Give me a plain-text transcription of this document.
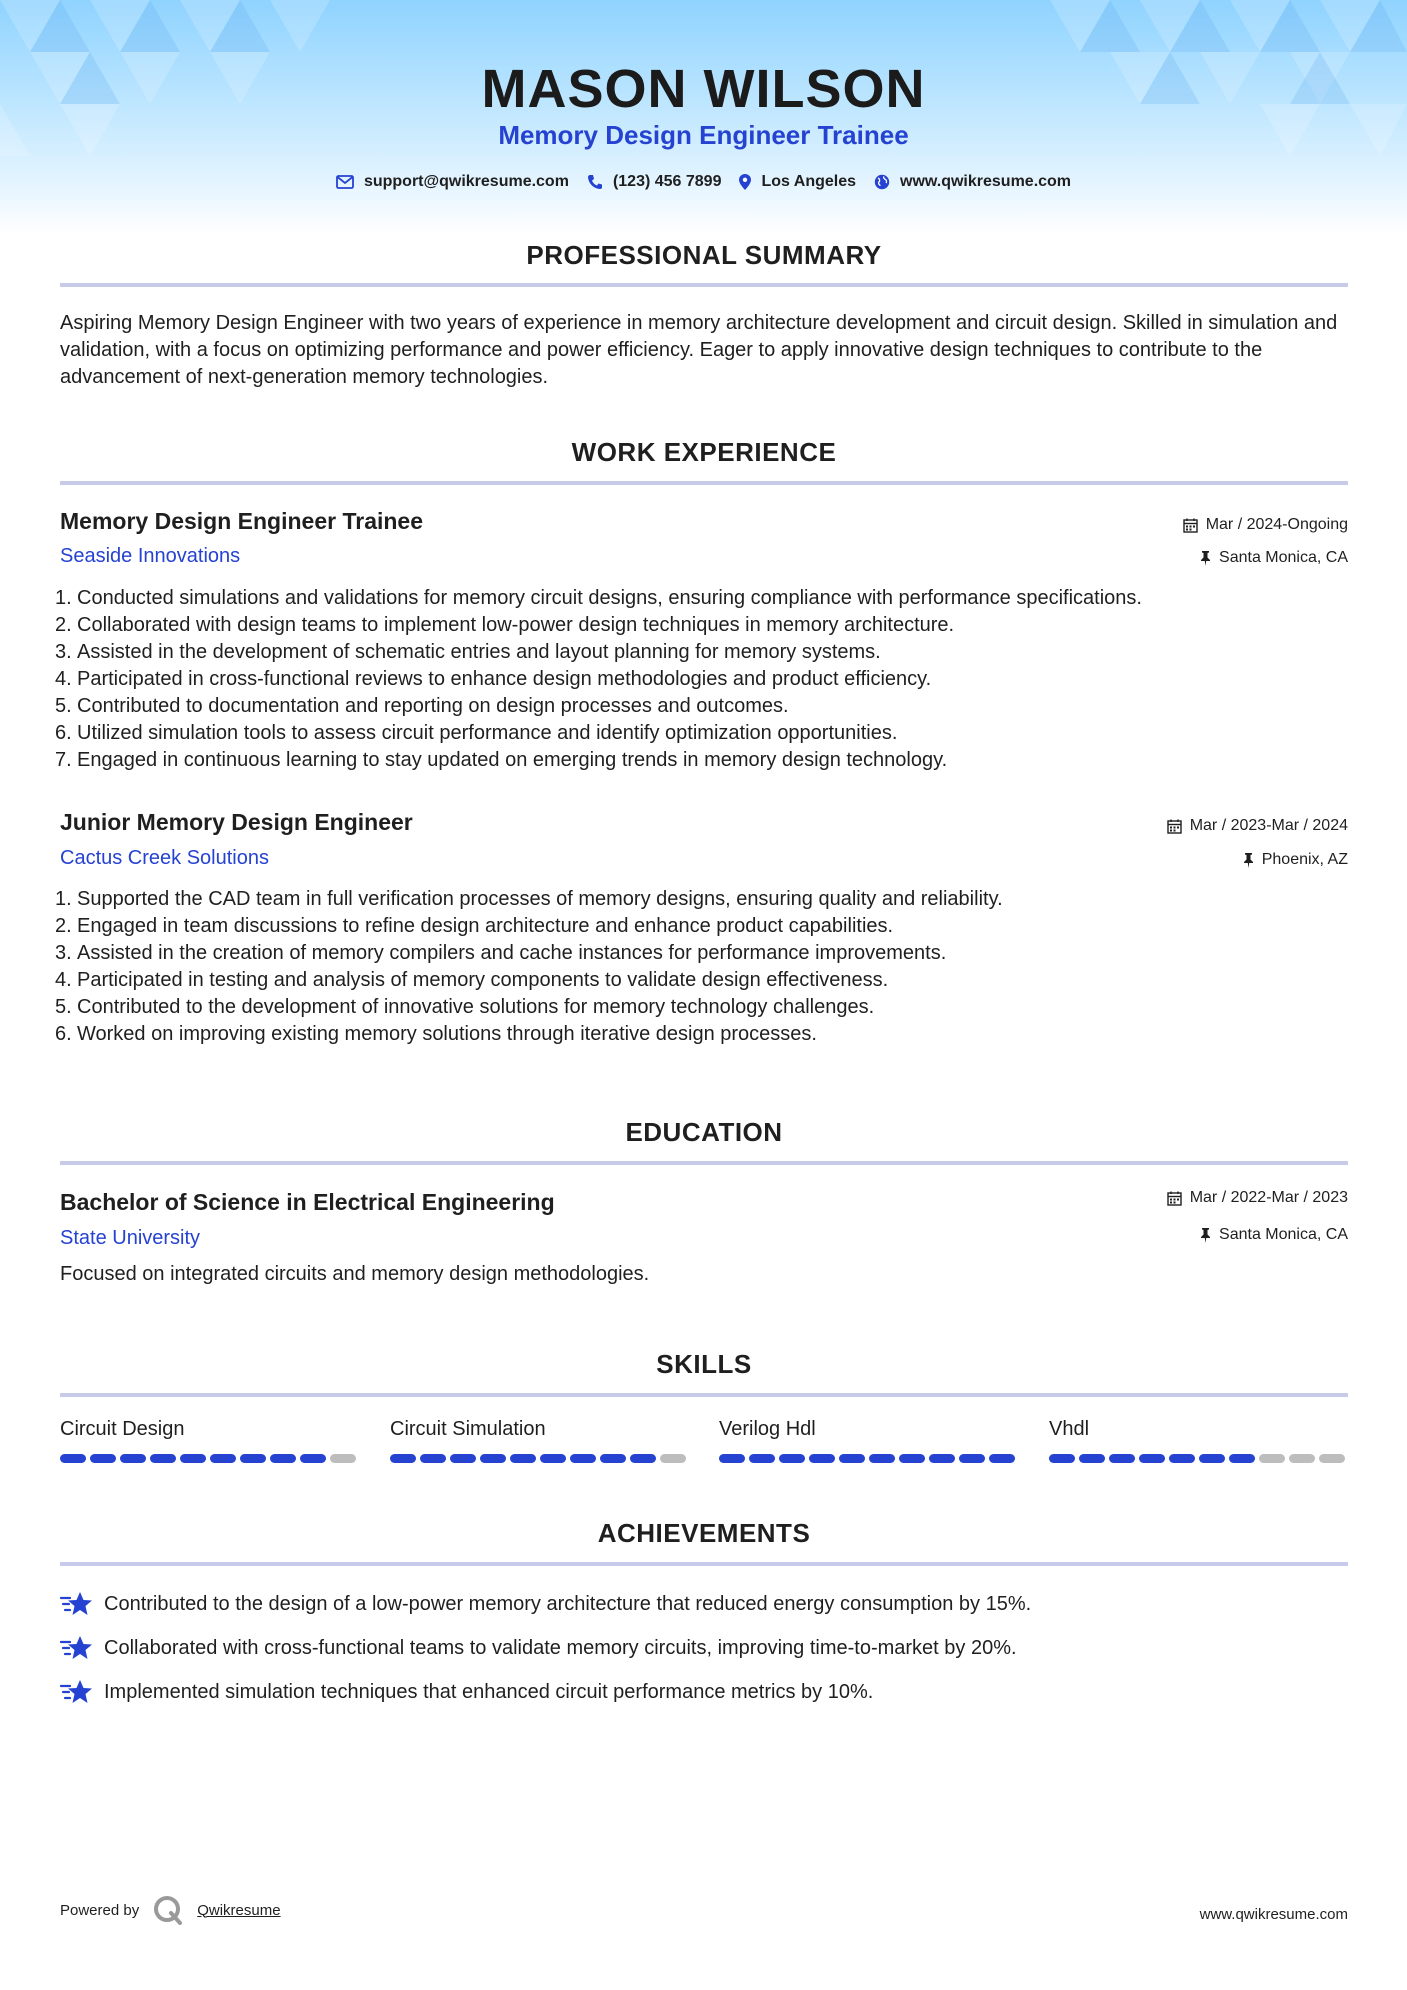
MASON WILSON
Memory Design Engineer Trainee
support@qwikresume.com	(123) 456 7899	Los Angeles	www.qwikresume.com
PROFESSIONAL SUMMARY
Aspiring Memory Design Engineer with two years of experience in memory architecture development and circuit design. Skilled in simulation and validation, with a focus on optimizing performance and power efficiency. Eager to apply innovative design techniques to contribute to the advancement of next-generation memory technologies.
WORK EXPERIENCE
Memory Design Engineer Trainee
Seaside Innovations
Mar / 2024-Ongoing
Santa Monica, CA
1. Conducted simulations and validations for memory circuit designs, ensuring compliance with performance specifications.
2. Collaborated with design teams to implement low-power design techniques in memory architecture.
3. Assisted in the development of schematic entries and layout planning for memory systems.
4. Participated in cross-functional reviews to enhance design methodologies and product efficiency.
5. Contributed to documentation and reporting on design processes and outcomes.
6. Utilized simulation tools to assess circuit performance and identify optimization opportunities.
7. Engaged in continuous learning to stay updated on emerging trends in memory design technology.
Junior Memory Design Engineer
Cactus Creek Solutions
Mar / 2023-Mar / 2024
Phoenix, AZ
1. Supported the CAD team in full verification processes of memory designs, ensuring quality and reliability.
2. Engaged in team discussions to refine design architecture and enhance product capabilities.
3. Assisted in the creation of memory compilers and cache instances for performance improvements.
4. Participated in testing and analysis of memory components to validate design effectiveness.
5. Contributed to the development of innovative solutions for memory technology challenges.
6. Worked on improving existing memory solutions through iterative design processes.
EDUCATION
Bachelor of Science in Electrical Engineering
State University
Mar / 2022-Mar / 2023
Santa Monica, CA
Focused on integrated circuits and memory design methodologies.
SKILLS
Circuit Design	Circuit Simulation	Verilog Hdl	Vhdl
ACHIEVEMENTS
Contributed to the design of a low-power memory architecture that reduced energy consumption by 15%.
Collaborated with cross-functional teams to validate memory circuits, improving time-to-market by 20%.
Implemented simulation techniques that enhanced circuit performance metrics by 10%.
Powered by	Qwikresume	www.qwikresume.com
